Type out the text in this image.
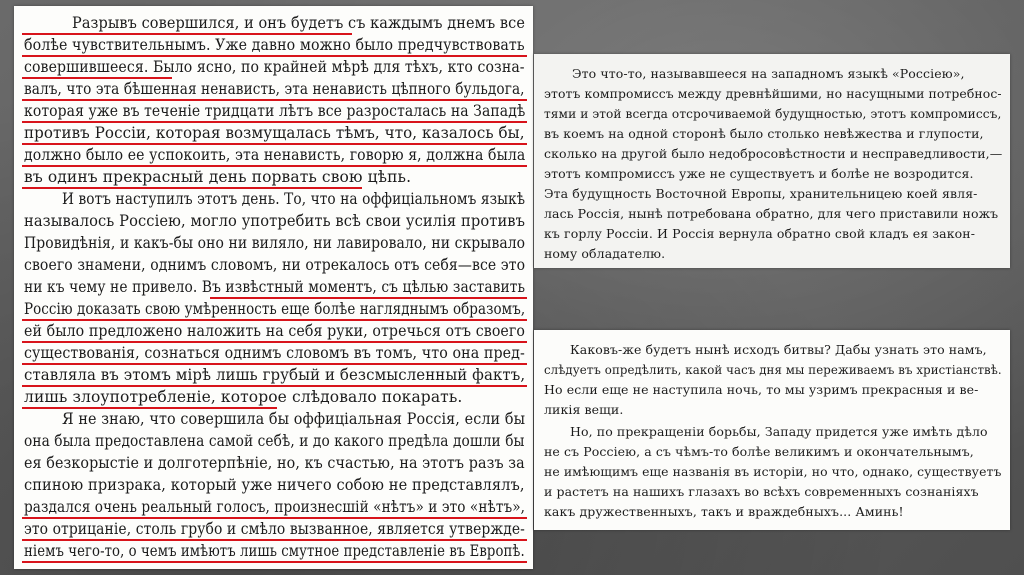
Разрывъ совершился, и онъ будетъ съ каждымъ днемъ все
болѣе чувствительнымъ. Уже давно можно было предчувствовать
совершившееся. Было ясно, по крайней мѣрѣ для тѣхъ, кто сознa-
валъ, что эта бѣшенная ненависть, эта ненависть цѣпного бульдога,
которая уже въ теченіе тридцати лѣтъ все разросталась на Западѣ
противъ Россіи, которая возмущалась тѣмъ, что, казалось бы,
должно было ее успокоить, эта ненависть, говорю я, должна была
въ одинъ прекрасный день порвать свою цѣпь.
И вотъ наступилъ этотъ день. То, что на оффиціальномъ языкѣ
называлось Россіею, могло употребить всѣ свои усилія противъ
Провидѣнія, и какъ-бы оно ни виляло, ни лавировало, ни скрывало
своего знамени, однимъ словомъ, ни отрекалось отъ себя—все это
ни къ чему не привело. Въ извѣстный моментъ, съ цѣлью заставить
Россію доказать свою умѣренность еще болѣе нагляднымъ образомъ,
ей было предложено наложить на себя руки, отречься отъ своего
существованія, сознаться однимъ словомъ въ томъ, что она пред-
ставляла въ этомъ мірѣ лишь грубый и безсмысленный фактъ,
лишь злоупотребленіе, которое слѣдовало покарать.
Я не знаю, что совершила бы оффиціальная Россія, если бы
она была предоставлена самой себѣ, и до какого предѣла дошли бы
ея безкорыстіе и долготерпѣніе, но, къ счастью, на этотъ разъ за
спиною призрака, который уже ничего собою не представлялъ,
раздался очень реальный голосъ, произнесшій «нѣтъ» и это «нѣтъ»,
это отрицаніе, столь грубо и смѣло вызванное, является утвержде-
ніемъ чего-то, о чемъ имѣютъ лишь смутное представленіе въ Европѣ.
Это что-то, называвшееся на западномъ языкѣ «Россіею»,
этотъ компромиссъ между древнѣйшими, но насущными потребнос-
тями и этой всегда отсрочиваемой будущностью, этотъ компромиссъ,
въ коемъ на одной сторонѣ было столько невѣжества и глупости,
сколько на другой было недобросовѣстности и несправедливости,—
этотъ компромиссъ уже не существуетъ и болѣе не возродится.
Эта будущность Восточной Европы, хранительницею коей явля-
лась Россія, нынѣ потребована обратно, для чего приставили ножъ
къ горлу Россіи. И Россія вернула обратно свой кладъ ея закон-
ному обладателю.
Каковъ-же будетъ нынѣ исходъ битвы? Дабы узнать это намъ,
слѣдуетъ опредѣлить, какой часъ дня мы переживаемъ въ христіанствѣ.
Но если еще не наступила ночь, то мы узримъ прекрасныя и ве-
ликія вещи.
Но, по прекращеніи борьбы, Западу придется уже имѣть дѣло
не съ Россіею, а съ чѣмъ-то болѣе великимъ и окончательнымъ,
не имѣющимъ еще названія въ исторіи, но что, однако, существуетъ
и растетъ на нашихъ глазахъ во всѣхъ современныхъ сознаніяхъ
какъ дружественныхъ, такъ и враждебныхъ... Аминь!
